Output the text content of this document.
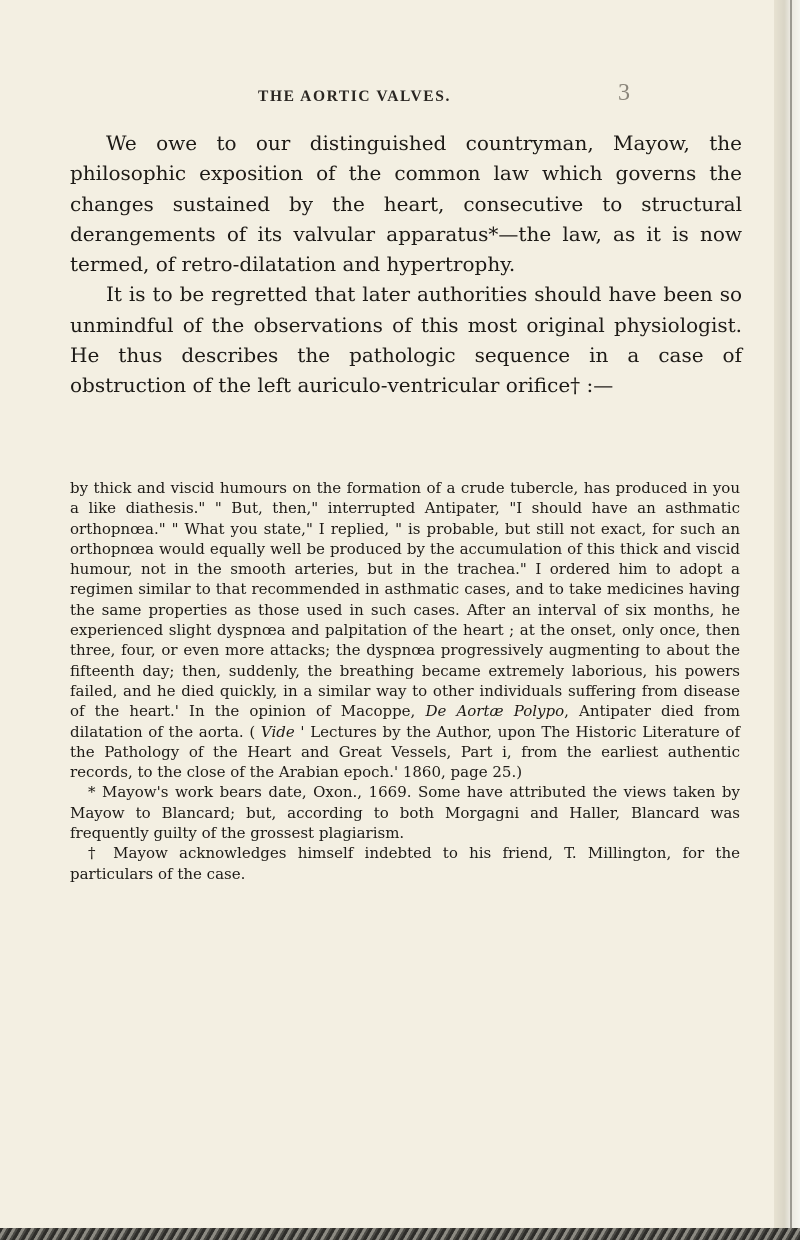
THE AORTIC VALVES.	3

We owe to our distinguished countryman, Mayow, the philosophic exposition of the common law which governs the changes sustained by the heart, consecutive to structural derangements of its valvular apparatus*—the law, as it is now termed, of retro-dilatation and hypertrophy.

It is to be regretted that later authorities should have been so unmindful of the observations of this most original physiologist. He thus describes the pathologic sequence in a case of obstruction of the left auriculo-ventricular orifice† :—

by thick and viscid humours on the formation of a crude tubercle, has produced in you a like diathesis." " But, then," interrupted Antipater, "I should have an asthmatic orthopnœa." " What you state," I replied, " is probable, but still not exact, for such an orthopnœa would equally well be produced by the accumulation of this thick and viscid humour, not in the smooth arteries, but in the trachea." I ordered him to adopt a regimen similar to that recommended in asthmatic cases, and to take medicines having the same properties as those used in such cases. After an interval of six months, he experienced slight dyspnœa and palpitation of the heart ; at the onset, only once, then three, four, or even more attacks; the dyspnœa progressively augmenting to about the fifteenth day; then, suddenly, the breathing became extremely laborious, his powers failed, and he died quickly, in a similar way to other individuals suffering from disease of the heart.' In the opinion of Macoppe, De Aortæ Polypo, Antipater died from dilatation of the aorta. ( Vide ' Lectures by the Author, upon The Historic Literature of the Pathology of the Heart and Great Vessels, Part i, from the earliest authentic records, to the close of the Arabian epoch.' 1860, page 25.)

* Mayow's work bears date, Oxon., 1669. Some have attributed the views taken by Mayow to Blancard; but, according to both Morgagni and Haller, Blancard was frequently guilty of the grossest plagiarism.

† Mayow acknowledges himself indebted to his friend, T. Millington, for the particulars of the case.
